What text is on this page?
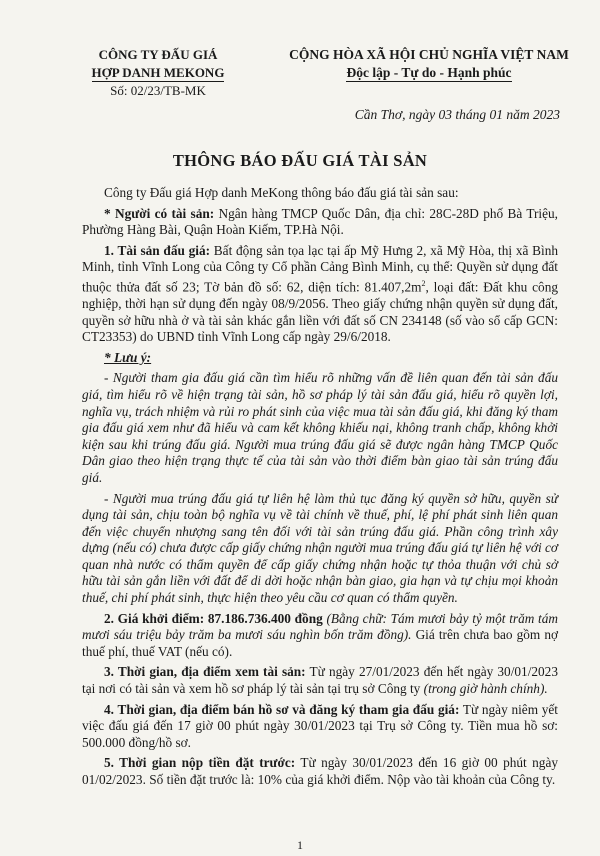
CÔNG TY ĐẤU GIÁ
HỢP DANH MEKONG
Số: 02/23/TB-MK
CỘNG HÒA XÃ HỘI CHỦ NGHĨA VIỆT NAM
Độc lập - Tự do - Hạnh phúc
Cần Thơ, ngày 03 tháng 01 năm 2023
THÔNG BÁO ĐẤU GIÁ TÀI SẢN

Công ty Đấu giá Hợp danh MeKong thông báo đấu giá tài sản sau:

* Người có tài sản: Ngân hàng TMCP Quốc Dân, địa chỉ: 28C-28D phố Bà Triệu, Phường Hàng Bài, Quận Hoàn Kiếm, TP.Hà Nội.

1. Tài sản đấu giá: Bất động sản tọa lạc tại ấp Mỹ Hưng 2, xã Mỹ Hòa, thị xã Bình Minh, tỉnh Vĩnh Long của Công ty Cổ phần Cảng Bình Minh, cụ thể: Quyền sử dụng đất thuộc thửa đất số 23; Tờ bản đồ số: 62, diện tích: $81.407,2m^2$, loại đất: Đất khu công nghiệp, thời hạn sử dụng đến ngày 08/9/2056. Theo giấy chứng nhận quyền sử dụng đất, quyền sở hữu nhà ở và tài sản khác gắn liền với đất số CN 234148 (số vào sổ cấp GCN: CT23353) do UBND tỉnh Vĩnh Long cấp ngày 29/6/2018.

* Lưu ý:

- Người tham gia đấu giá cần tìm hiểu rõ những vấn đề liên quan đến tài sản đấu giá, tìm hiểu rõ về hiện trạng tài sản, hồ sơ pháp lý tài sản đấu giá, hiểu rõ quyền lợi, nghĩa vụ, trách nhiệm và rủi ro phát sinh của việc mua tài sản đấu giá, khi đăng ký tham gia đấu giá xem như đã hiểu và cam kết không khiếu nại, không tranh chấp, không khởi kiện sau khi trúng đấu giá. Người mua trúng đấu giá sẽ được ngân hàng TMCP Quốc Dân giao theo hiện trạng thực tế của tài sản vào thời điểm bàn giao tài sản trúng đấu giá.

- Người mua trúng đấu giá tự liên hệ làm thủ tục đăng ký quyền sở hữu, quyền sử dụng tài sản, chịu toàn bộ nghĩa vụ về tài chính về thuế, phí, lệ phí phát sinh liên quan đến việc chuyển nhượng sang tên đối với tài sản trúng đấu giá. Phần công trình xây dựng (nếu có) chưa được cấp giấy chứng nhận người mua trúng đấu giá tự liên hệ với cơ quan nhà nước có thẩm quyền để cấp giấy chứng nhận hoặc tự thỏa thuận với chủ sở hữu tài sản gắn liền với đất để di dời hoặc nhận bàn giao, gia hạn và tự chịu mọi khoản thuế, chi phí phát sinh, thực hiện theo yêu cầu cơ quan có thẩm quyền.

2. Giá khởi điểm: 87.186.736.400 đồng (Bằng chữ: Tám mươi bảy tỷ một trăm tám mươi sáu triệu bảy trăm ba mươi sáu nghìn bốn trăm đồng). Giá trên chưa bao gồm nợ thuế phí, thuế VAT (nếu có).

3. Thời gian, địa điểm xem tài sản: Từ ngày 27/01/2023 đến hết ngày 30/01/2023 tại nơi có tài sản và xem hồ sơ pháp lý tài sản tại trụ sở Công ty (trong giờ hành chính).

4. Thời gian, địa điểm bán hồ sơ và đăng ký tham gia đấu giá: Từ ngày niêm yết việc đấu giá đến 17 giờ 00 phút ngày 30/01/2023 tại Trụ sở Công ty. Tiền mua hồ sơ: 500.000 đồng/hồ sơ.

5. Thời gian nộp tiền đặt trước: Từ ngày 30/01/2023 đến 16 giờ 00 phút ngày 01/02/2023. Số tiền đặt trước là: 10% của giá khởi điểm. Nộp vào tài khoản của Công ty.

1
